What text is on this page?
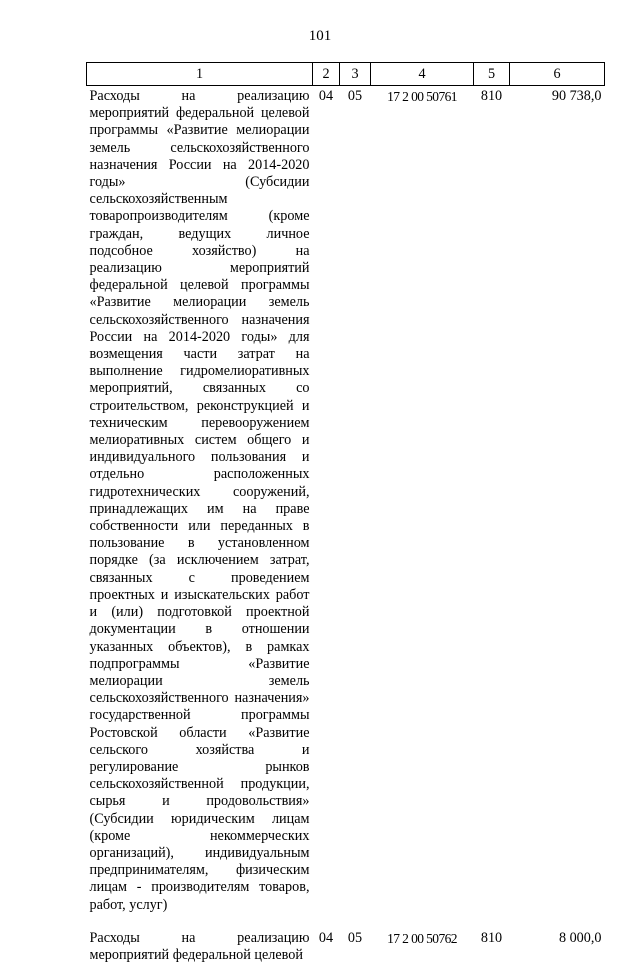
101
1	2	3	4	5	6
Расходы на реализацию мероприятий федеральной целевой программы «Развитие мелиорации земель сельскохозяйственного назначения России на 2014-2020 годы» (Субсидии сельскохозяйственным товаропроизводителям (кроме граждан, ведущих личное подсобное хозяйство) на реализацию мероприятий федеральной целевой программы «Развитие мелиорации земель сельскохозяйственного назначения России на 2014-2020 годы» для возмещения части затрат на выполнение гидромелиоративных мероприятий, связанных со строительством, реконструкцией и техническим перевооружением мелиоративных систем общего и индивидуального пользования и отдельно расположенных гидротехнических сооружений, принадлежащих им на праве собственности или переданных в пользование в установленном порядке (за исключением затрат, связанных с проведением проектных и изыскательских работ и (или) подготовкой проектной документации в отношении указанных объектов), в рамках подпрограммы «Развитие мелиорации земель сельскохозяйственного назначения» государственной программы Ростовской области «Развитие сельского хозяйства и регулирование рынков сельскохозяйственной продукции, сырья и продовольствия» (Субсидии юридическим лицам (кроме некоммерческих организаций), индивидуальным предпринимателям, физическим лицам - производителям товаров, работ, услуг)	04	05	17 2 00 50761	810	90 738,0

Расходы на реализацию мероприятий федеральной целевой	04	05	17 2 00 50762	810	8 000,0
